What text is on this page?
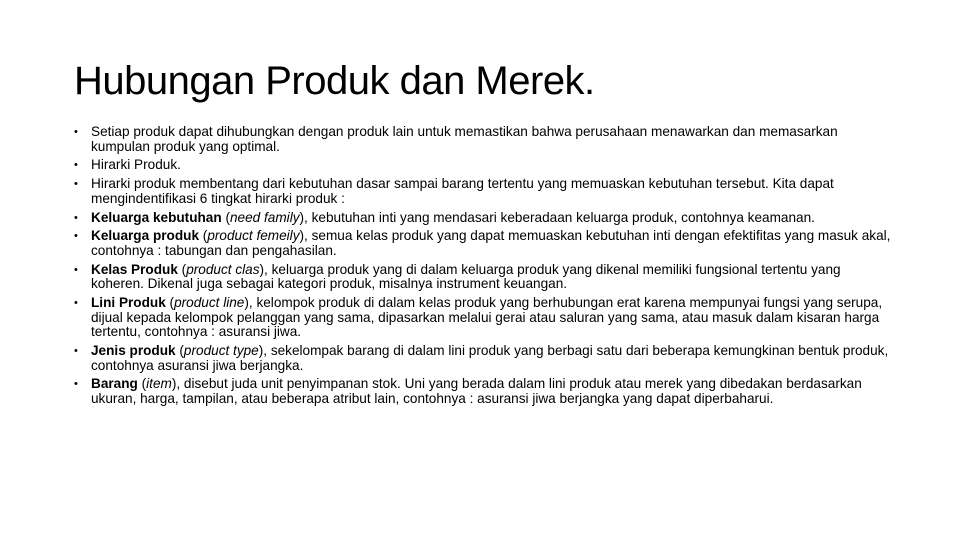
Hubungan Produk dan Merek.
• Setiap produk dapat dihubungkan dengan produk lain untuk memastikan bahwa perusahaan menawarkan dan memasarkan kumpulan produk yang optimal.
• Hirarki Produk.
• Hirarki produk membentang dari kebutuhan dasar sampai barang tertentu yang memuaskan kebutuhan tersebut. Kita dapat mengindentifikasi 6 tingkat hirarki produk :
• Keluarga kebutuhan (need family), kebutuhan inti yang mendasari keberadaan keluarga produk, contohnya keamanan.
• Keluarga produk (product femeily), semua kelas produk yang dapat memuaskan kebutuhan inti dengan efektifitas yang masuk akal, contohnya : tabungan dan pengahasilan.
• Kelas Produk (product clas), keluarga produk yang di dalam keluarga produk yang dikenal memiliki fungsional tertentu yang koheren. Dikenal juga sebagai kategori produk, misalnya instrument keuangan.
• Lini Produk (product line), kelompok produk di dalam kelas produk yang berhubungan erat karena mempunyai fungsi yang serupa, dijual kepada kelompok pelanggan yang sama, dipasarkan melalui gerai atau saluran yang sama, atau masuk dalam kisaran harga tertentu, contohnya : asuransi jiwa.
• Jenis produk (product type), sekelompak barang di dalam lini produk yang berbagi satu dari beberapa kemungkinan bentuk produk, contohnya asuransi jiwa berjangka.
• Barang (item), disebut juda unit penyimpanan stok. Uni yang berada dalam lini produk atau merek yang dibedakan berdasarkan ukuran, harga, tampilan, atau beberapa atribut lain, contohnya : asuransi jiwa berjangka yang dapat diperbaharui.
